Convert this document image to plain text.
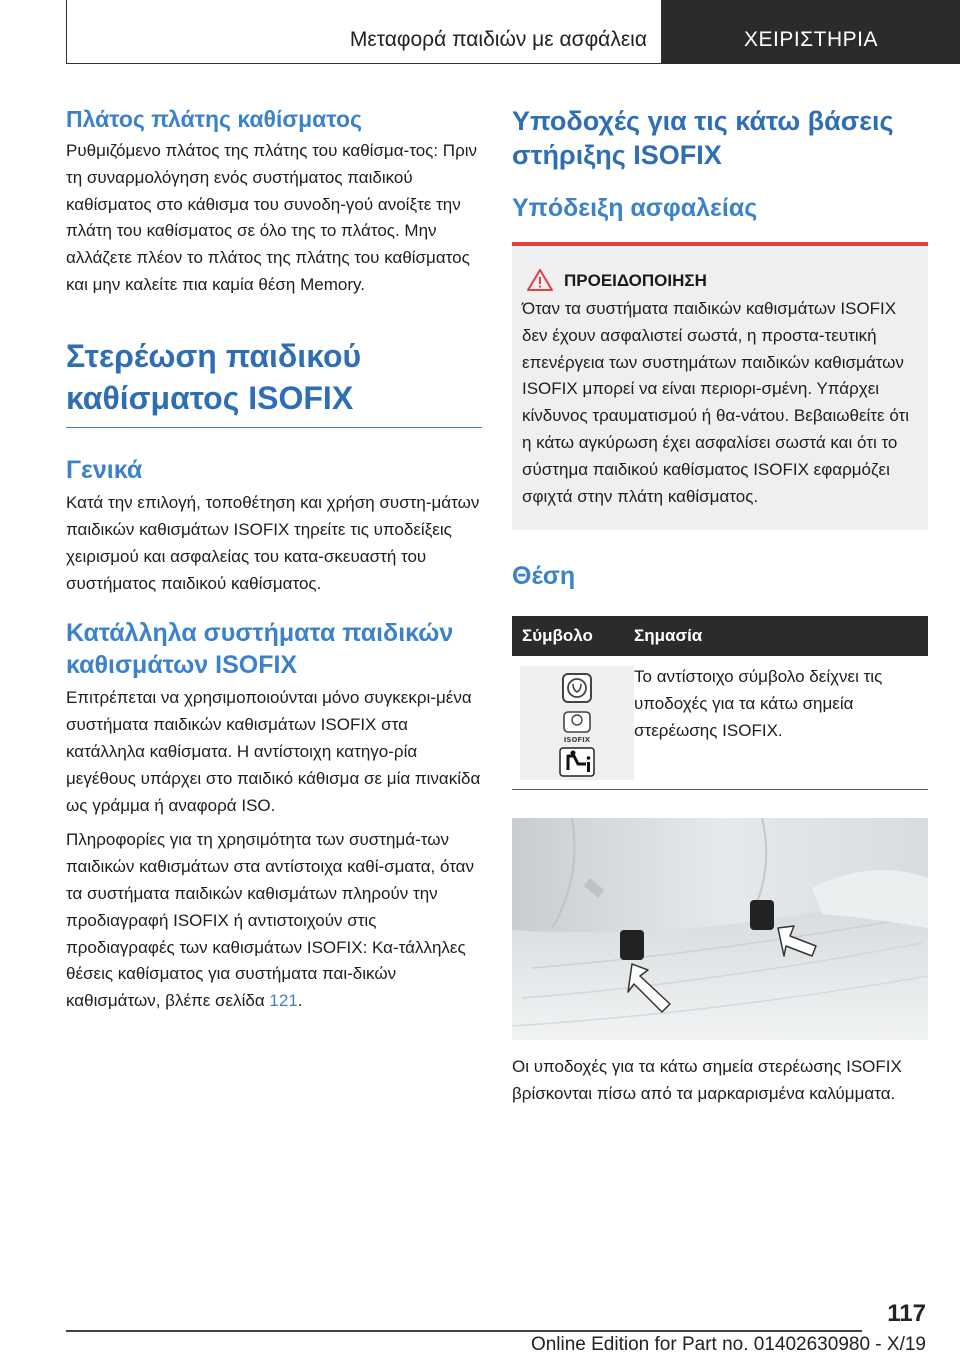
Μεταφορά παιδιών με ασφάλεια	ΧΕΙΡΙΣΤΗΡΙΑ
Πλάτος πλάτης καθίσματος

Ρυθμιζόμενο πλάτος της πλάτης του καθίσμα-τος: Πριν τη συναρμολόγηση ενός συστήματος παιδικού καθίσματος στο κάθισμα του συνοδη-γού ανοίξτε την πλάτη του καθίσματος σε όλο της το πλάτος. Μην αλλάζετε πλέον το πλάτος της πλάτης του καθίσματος και μην καλείτε πια καμία θέση Memory.

Στερέωση παιδικού καθίσματος ISOFIX
Γενικά

Κατά την επιλογή, τοποθέτηση και χρήση συστη-μάτων παιδικών καθισμάτων ISOFIX τηρείτε τις υποδείξεις χειρισμού και ασφαλείας του κατα-σκευαστή του συστήματος παιδικού καθίσματος.

Κατάλληλα συστήματα παιδικών καθισμάτων ISOFIX

Επιτρέπεται να χρησιμοποιούνται μόνο συγκεκρι-μένα συστήματα παιδικών καθισμάτων ISOFIX στα κατάλληλα καθίσματα. Η αντίστοιχη κατηγο-ρία μεγέθους υπάρχει στο παιδικό κάθισμα σε μία πινακίδα ως γράμμα ή αναφορά ISO.

Πληροφορίες για τη χρησιμότητα των συστημά-των παιδικών καθισμάτων στα αντίστοιχα καθί-σματα, όταν τα συστήματα παιδικών καθισμάτων πληρούν την προδιαγραφή ISOFIX ή αντιστοιχούν στις προδιαγραφές των καθισμάτων ISOFIX: Κα-τάλληλες θέσεις καθίσματος για συστήματα παι-δικών καθισμάτων, βλέπε σελίδα 121.

Υποδοχές για τις κάτω βάσεις στήριξης ISOFIX
Υπόδειξη ασφαλείας
ΠΡΟΕΙΔΟΠΟΙΗΣΗ

Όταν τα συστήματα παιδικών καθισμάτων ISOFIX δεν έχουν ασφαλιστεί σωστά, η προστα-τευτική επενέργεια των συστημάτων παιδικών καθισμάτων ISOFIX μπορεί να είναι περιορι-σμένη. Υπάρχει κίνδυνος τραυματισμού ή θα-νάτου. Βεβαιωθείτε ότι η κάτω αγκύρωση έχει ασφαλίσει σωστά και ότι το σύστημα παιδικού καθίσματος ISOFIX εφαρμόζει σφιχτά στην πλάτη καθίσματος.

Θέση
Σύμβολο Σημασία
ISOFIX

Το αντίστοιχο σύμβολο δείχνει τις υποδοχές για τα κάτω σημεία στερέωσης ISOFIX.

Οι υποδοχές για τα κάτω σημεία στερέωσης ISOFIX βρίσκονται πίσω από τα μαρκαρισμένα καλύμματα.

117
Online Edition for Part no. 01402630980 - X/19
